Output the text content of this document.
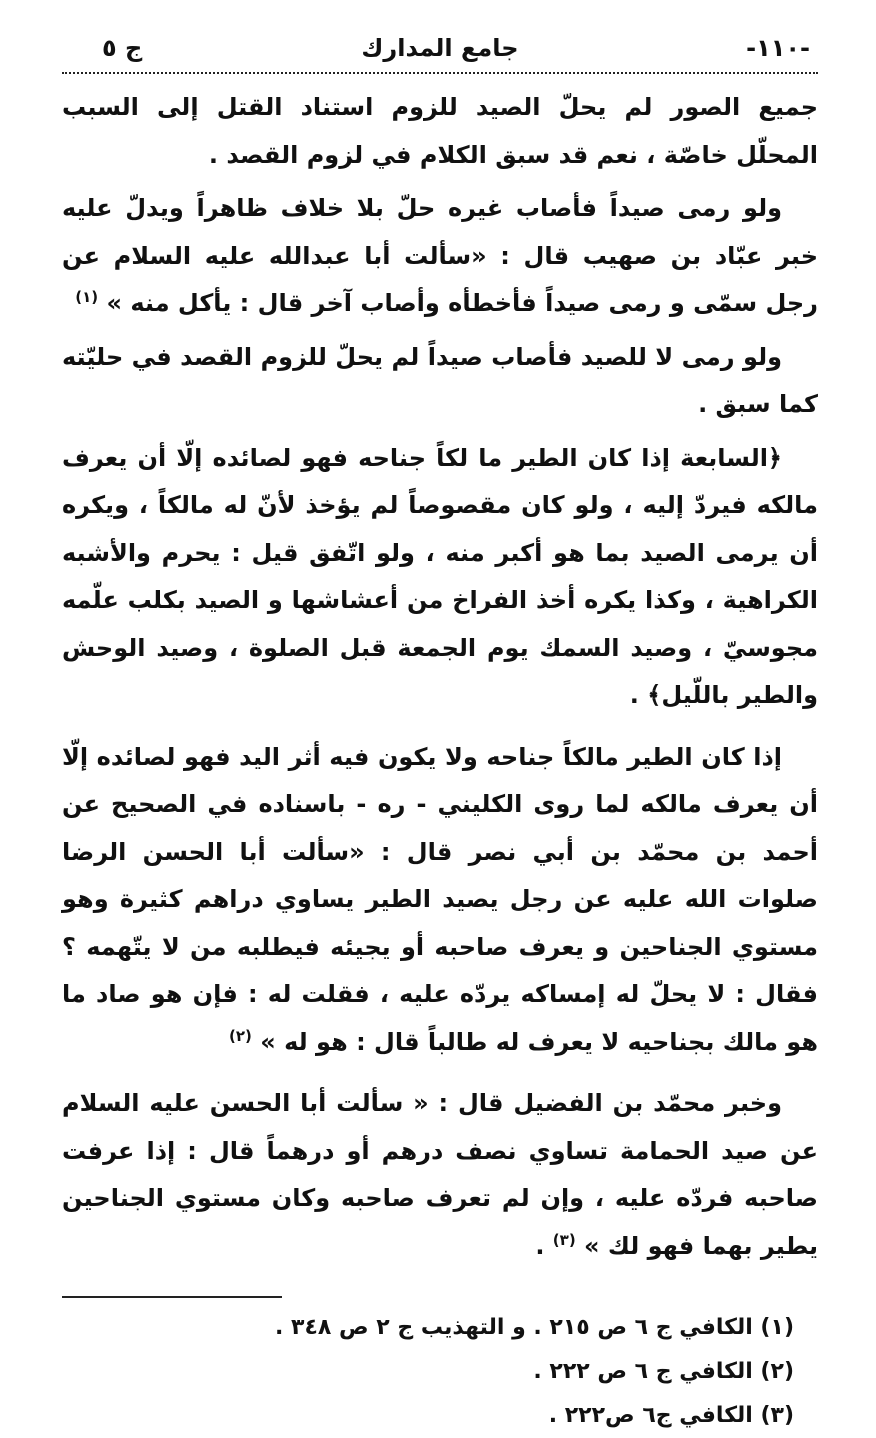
-١١٠-
جامع المدارك
ج ٥

جميع الصور لم يحلّ الصيد للزوم استناد القتل إلى السبب المحلّل خاصّة ، نعم قد سبق الكلام في لزوم القصد .

ولو رمى صيداً فأصاب غيره حلّ بلا خلاف ظاهراً ويدلّ عليه خبر عبّاد بن صهيب قال : «سألت أبا عبدالله عليه السلام عن رجل سمّى و رمى صيداً فأخطأه وأصاب آخر قال : يأكل منه » $^{(١)}$

ولو رمى لا للصيد فأصاب صيداً لم يحلّ للزوم القصد في حليّته كما سبق .

﴿السابعة إذا كان الطير ما لكاً جناحه فهو لصائده إلّا أن يعرف مالكه فيردّ إليه ، ولو كان مقصوصاً لم يؤخذ لأنّ له مالكاً ، ويكره أن يرمى الصيد بما هو أكبر منه ، ولو اتّفق قيل : يحرم والأشبه الكراهية ، وكذا يكره أخذ الفراخ من أعشاشها و الصيد بكلب علّمه مجوسيّ ، وصيد السمك يوم الجمعة قبل الصلوة ، وصيد الوحش والطير باللّيل﴾ .

إذا كان الطير مالكاً جناحه ولا يكون فيه أثر اليد فهو لصائده إلّا أن يعرف مالكه لما روى الكليني - ره - باسناده في الصحيح عن أحمد بن محمّد بن أبي نصر قال : «سألت أبا الحسن الرضا صلوات الله عليه عن رجل يصيد الطير يساوي دراهم كثيرة وهو مستوي الجناحين و يعرف صاحبه أو يجيئه فيطلبه من لا يتّهمه ؟ فقال : لا يحلّ له إمساكه يردّه عليه ، فقلت له : فإن هو صاد ما هو مالك بجناحيه لا يعرف له طالباً قال : هو له » $^{(٢)}$

وخبر محمّد بن الفضيل قال : « سألت أبا الحسن عليه السلام عن صيد الحمامة تساوي نصف درهم أو درهماً قال : إذا عرفت صاحبه فردّه عليه ، وإن لم تعرف صاحبه وكان مستوي الجناحين يطير بهما فهو لك » $^{(٣)}$ .

(١) الكافي ج ٦ ص ٢١٥ . و التهذيب ج ٢ ص ٣٤٨ .
(٢) الكافي ج ٦ ص ٢٢٢ .
(٣) الكافي ج٦ ص٢٢٢ .
